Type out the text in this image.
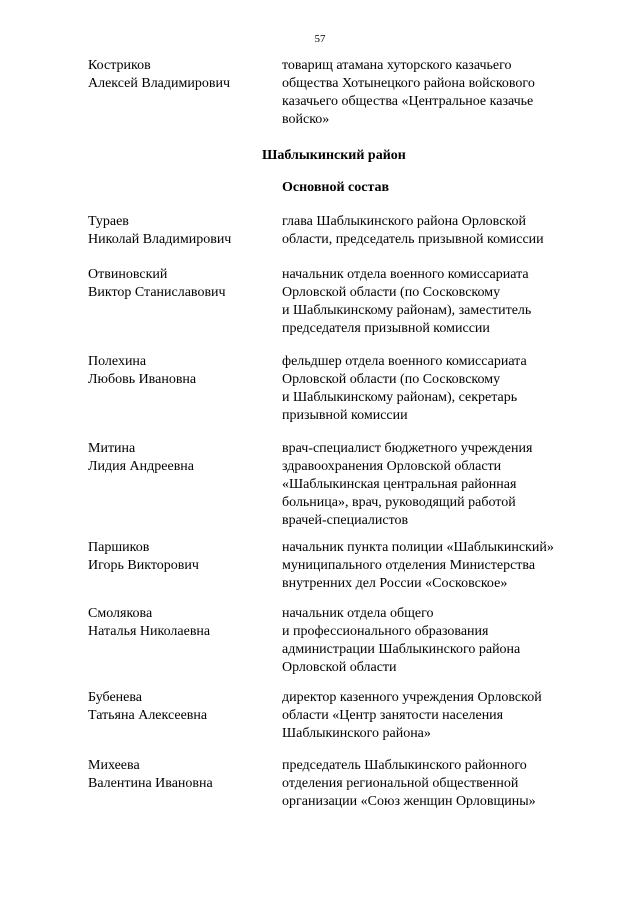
57
Костриков
Алексей Владимирович
товарищ атамана хуторского казачьего
общества Хотынецкого района войскового
казачьего общества «Центральное казачье
войско»
Шаблыкинский район
Основной состав
Тураев
Николай Владимирович
глава Шаблыкинского района Орловской
области, председатель призывной комиссии
Отвиновский
Виктор Станиславович
начальник отдела военного комиссариата
Орловской области (по Сосковскому
и Шаблыкинскому районам), заместитель
председателя призывной комиссии
Полехина
Любовь Ивановна
фельдшер отдела военного комиссариата
Орловской области (по Сосковскому
и Шаблыкинскому районам), секретарь
призывной комиссии
Митина
Лидия Андреевна
врач-специалист бюджетного учреждения
здравоохранения Орловской области
«Шаблыкинская центральная районная
больница», врач, руководящий работой
врачей-специалистов
Паршиков
Игорь Викторович
начальник пункта полиции «Шаблыкинский»
муниципального отделения Министерства
внутренних дел России «Сосковское»
Смолякова
Наталья Николаевна
начальник отдела общего
и профессионального образования
администрации Шаблыкинского района
Орловской области
Бубенева
Татьяна Алексеевна
директор казенного учреждения Орловской
области «Центр занятости населения
Шаблыкинского района»
Михеева
Валентина Ивановна
председатель Шаблыкинского районного
отделения региональной общественной
организации «Союз женщин Орловщины»
